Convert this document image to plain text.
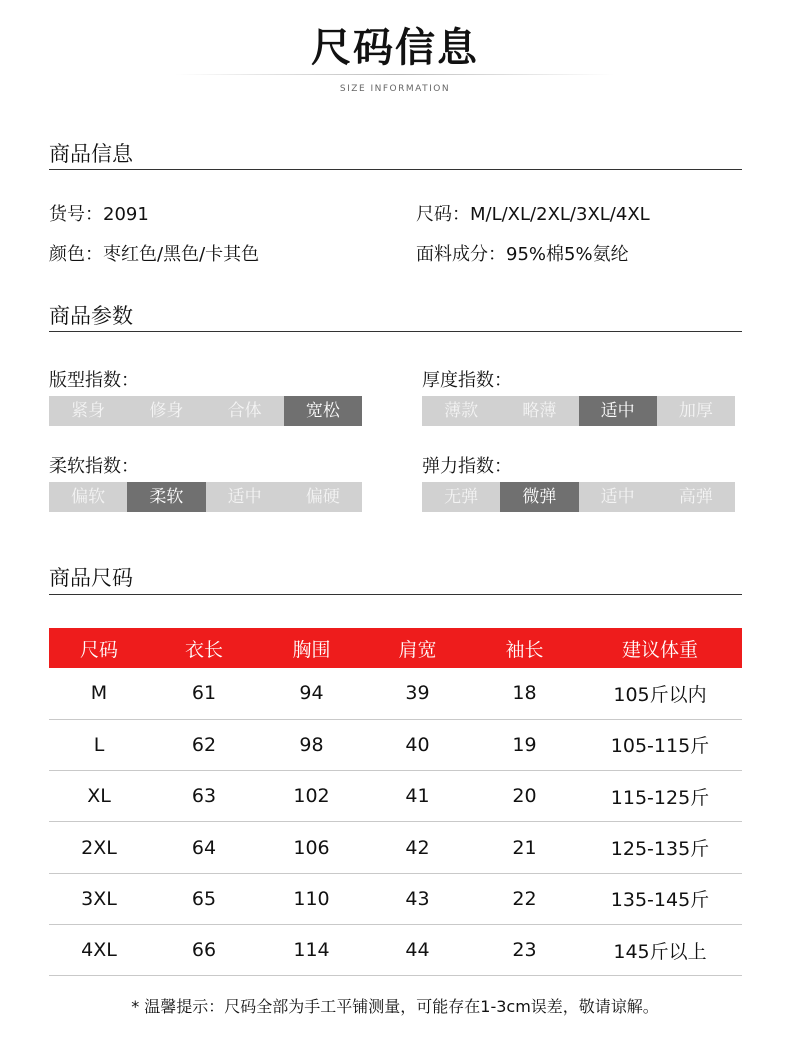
尺码信息
SIZE INFORMATION
商品信息
货号：2091	尺码：M/L/XL/2XL/3XL/4XL
颜色：枣红色/黑色/卡其色	面料成分：95%棉5%氨纶
商品参数
版型指数：
紧身	修身	合体	宽松
厚度指数：
薄款	略薄	适中	加厚
柔软指数：
偏软	柔软	适中	偏硬
弹力指数：
无弹	微弹	适中	高弹
商品尺码
尺码	衣长	胸围	肩宽	袖长	建议体重
M	61	94	39	18	105斤以内
L	62	98	40	19	105-115斤
XL	63	102	41	20	115-125斤
2XL	64	106	42	21	125-135斤
3XL	65	110	43	22	135-145斤
4XL	66	114	44	23	145斤以上
* 温馨提示：尺码全部为手工平铺测量，可能存在1-3cm误差，敬请谅解。
